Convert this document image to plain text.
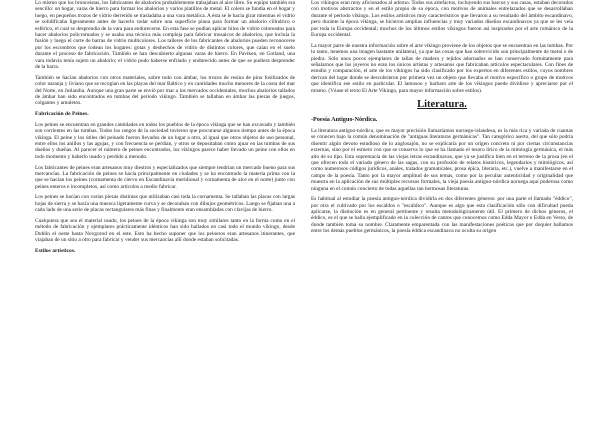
Lo mismo que los bronceistas, los fabricantes de abalorios probablemente trabajaban al aire libre. Su equipo también era sencillo: un hogar, varas de hierro para formar los abalorios y varios platillos de metal. El colero se fundía en el hogar y luego, en pequeños trozos de vidrio derretido se trasladaba a una vara metálica. A ésta se le hacía girar mientras el vidrio se solidificaba ligeramente antes de hacerlo rodar sobre una superficie plana para formar un abalorio cilíndrico o esférico, el cual se desprendía de la vara para endurecerse. En esta fase se podían aplicar hilos de vidrio coloreados para hacer abalorios policromados y se usaba una técnica más compleja para fabricar mosaicos de abalorios, que incluía la fusión y luego el corte de barras de vidrio multicolores. Los talleres de los fabricantes de abalorios pueden reconocerse por los escombros que rodean los hogares: gotas y deshechos de vidrio de distintos colores, que caían en el suelo durante el proceso de fabricación. También se han descubierto algunas varas de hierro. En Paviken, en Gotland, una vara todavía tenía sujeto un abalorio; el vidrio pudo haberse enfriado y endurecido antes de que se pudiera desprender de la barra.

También se hacían abalorios con otros materiales, sobre todo con ámbar, los trozos de resina de pino fosilizados de color naranja y liviano que se recogían en las playas del mar Báltico y en cantidades mucho menores de la costa del mar del Norte, en Jutlandia. Aunque una gran parte se envió por mar a los mercados occidentales, muchos abalorios tallados de ámbar han sido encontrados en tumbas del periodo vikingo. También se tallaban en ámbar las piezas de juegos, colgantes y amuletos.

Fabricación de Peines.

Los peines se encuentran en grandes cantidades en todos los pueblos de la época vikinga que se han excavado y también son corrientes en las tumbas. Todos los rangos de la sociedad tuvieron que procurarse algunos tiempo antes de la época vikinga. El peine y los útiles del peinado fueron llevados de un lugar a otro, al igual que otros objetos de uso personal, entre ellos los anillos y las agujas, y con frecuencia se perdían, y otros se depositaban como ajuar en las tumbas de sus dueños y dueñas. Al parecer el número de peines encontrados, los vikingos parece haber llevado un peine con ellos en todo momento y haberlo usado y perdido a menudo.

Los fabricantes de peines eran artesanos muy diestros y especializados que siempre tendrían un mercado bueno para sus mercancías. La fabricación de peines se hacía principalmente en ciudades y se ha encontrado la materia prima con la que se hacían los peines (cornamenta de ciervo en Escandinavia meridional y cornamenta de alce en el norte) junto con peines enteros e incompletos, así como artículos a medio fabricar.

Los peines se hacían con varias piezas distintas que utilizaban casi toda la cornamenta. Se tallaban las placas con largas hojas de sierra y se hacía una muesca ligeramente curva y se decoraban con dibujos geométricos. Luego se fijaban una a cada lado de una serie de placas rectangulares más finas y finalmente eran ensambladas con clavijas de hierro.

Cualquiera que sea el material usado, los peines de la época vikinga son muy similares tanto en la forma como en el método de fabricación y ejemplares prácticamente idénticos han sido hallados en casi todo el mundo vikingo, desde Dublín el oeste hasta Novgorod en el este. Esto ha hecho suponer que los peineros eran artesanos itinerantes, que viajaban de un sitio a otro para fabricar y vender sus mercancías allí donde estaban solicitadas.

Estilos artísticos.

Los vikingos eran muy aficionados al adorno. Todos sus artefactos, incluyendo sus barcos y sus casas, estaban decorados con motivos abstractos y en el estilo propio de su época, con motivos de animales entrelazados que se desarrollaban durante el periodo vikingo. Los estilos artísticos muy característicos que llevaron a su resultado del ámbito escandinavo, pero durante la época vikinga, se hicieron amplias influencias y muy variados diseños escandinavos ya que se les veía por toda la Europa occidental; muchos de los últimos estilos vikingos fueron así inspirados por el arte románico de la Europa occidental.

La mayor parte de nuestra información sobre el arte vikingo proviene de los objetos que se encuentran en las tumbas. Por lo tanto, tenemos una imagen bastante unilateral, ya que las cosas que han sobrevivido son principalmente de metal o de piedra. Sólo unos pocos ejemplares de tallas de madera y tejidos adornados se han conservado fortuitamente para señalarnos que los joyeros no eran los únicos artistas y artesanos que fabricaban artículos espectaculares. Con fines de estudio y comparación, el arte de los vikingos ha sido clasificado por los expertos en diferentes estilos, cuyos nombres derivan del lugar donde se descubrieron por primera vez un objeto que llevaba el motivo específico o grupo de motivos que identifica ese estilo en particular. El lamosoo y barbaro arte de los vikingos puede dividirse y apreciarse por el mismo. (Véase el texto El Arte Vikingo, para mayor información sobre estilos).

Literatura.
-Poesía Antiguo-Nórdica.

La literatura antiguo-nórdica, que es mayor precisión llamaríamos noruego-islandesa, es la más rica y variada de cuantas se conocen bajo la común denominación de "antiguas literaturas germánicas". Tan categórico aserto, del que sólo podría disentir algún devoto estudioso de lo anglosajón, no se explicaría por un origen concreto ni por ciertas circunstancias externas, sino por el esmero con que se conserva lo que se ha llamado el tesoro lírico de la mitología germánica, el más alto de su tipo. Esta supremacía de las viejas letras escandinavas, que ya se justifica bien en el terreno de la prosa (en el que ofrecen todo el variado género de las sagas, con su profusión de relatos históricos, legendarios y mitológicos, así como numerosos códigos jurídicos, anales, tratados gramaticales, prosa épica, literaria, etc.), vuelve a manifestarse en el campo de la poesía. Tanto por la mayor amplitud de sus temas, como por la peculiar autenticidad y originalidad que muestra en la aplicación de sus múltiples recursos formales, la vieja poesía antiguo-nórdica noruega aquí poderosa como ninguna en el común concierto de todas aquellas tan hermosas literaturas.

Es habitual al estudiar la poesía antiguo-nórdica dividirla en dos diferentes géneros: por una parte el llamado "éddico", por otra el cultivado por los escaldos o "escáldico". Aunque es algo que esta clasificación sólo con dificultad pueda aplicarse, la distinción es en general pertinente y resulta metodológicamente útil. El primero de dichos géneros, el éddico, es el que se halla ejemplificado en la colección de cantos que conocemos como Edda Mayor o Edda en Verso, de donde también toma su nombre. Claramente emparentada con las manifestaciones poéticas que por doquier hallamos entre los demás pueblos germánicos, la poesía éddica escandinava no oculta su origen
